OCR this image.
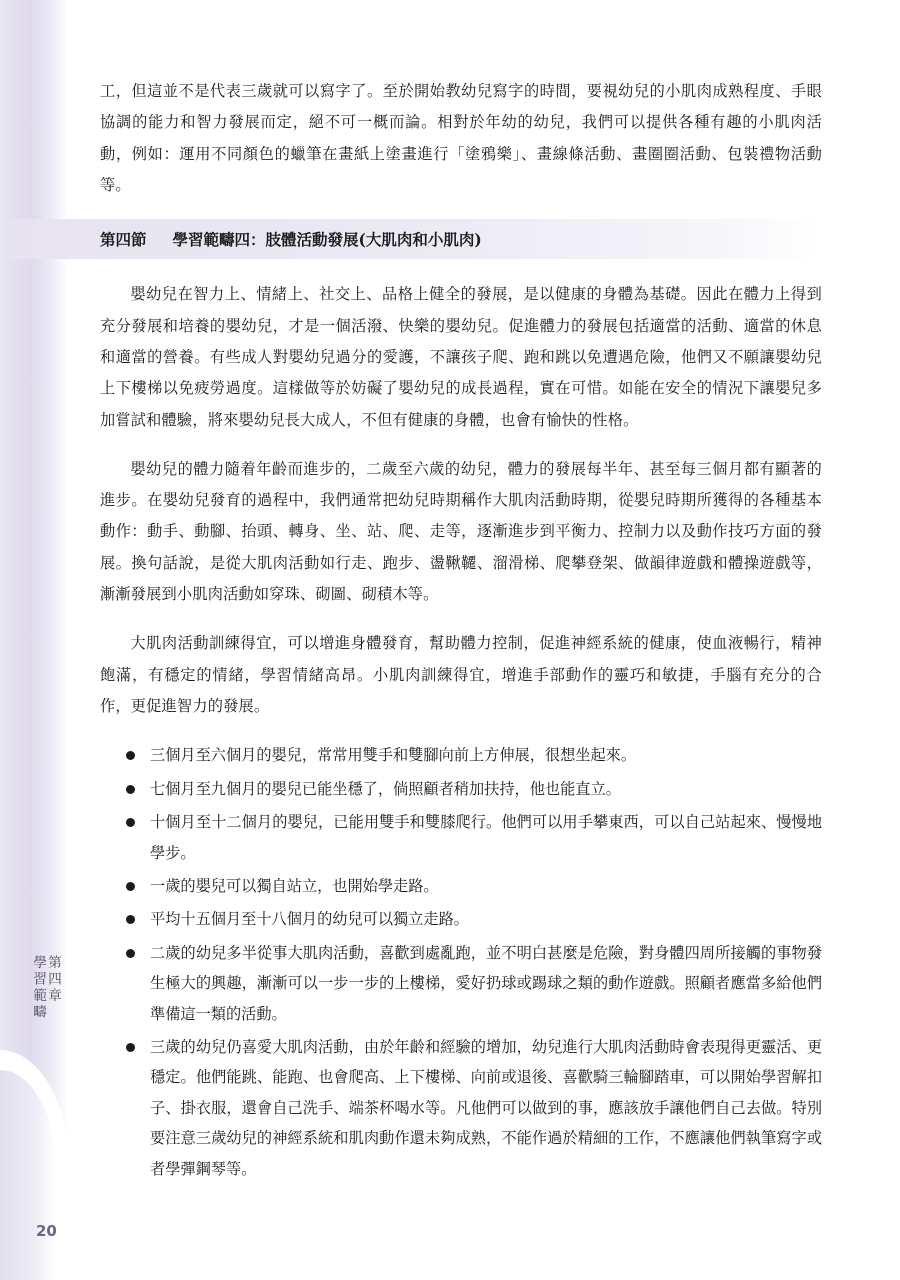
第四章
學習範疇
20

工，但這並不是代表三歲就可以寫字了。至於開始教幼兒寫字的時間，要視幼兒的小肌肉成熟程度、手眼協調的能力和智力發展而定，絕不可一概而論。相對於年幼的幼兒，我們可以提供各種有趣的小肌肉活動，例如：運用不同顏色的蠟筆在畫紙上塗畫進行「塗鴉樂」、畫線條活動、畫圈圈活動、包裝禮物活動等。

第四節 學習範疇四：肢體活動發展(大肌肉和小肌肉)

嬰幼兒在智力上、情緒上、社交上、品格上健全的發展，是以健康的身體為基礎。因此在體力上得到充分發展和培養的嬰幼兒，才是一個活潑、快樂的嬰幼兒。促進體力的發展包括適當的活動、適當的休息和適當的營養。有些成人對嬰幼兒過分的愛護，不讓孩子爬、跑和跳以免遭遇危險，他們又不願讓嬰幼兒上下樓梯以免疲勞過度。這樣做等於妨礙了嬰幼兒的成長過程，實在可惜。如能在安全的情況下讓嬰兒多加嘗試和體驗，將來嬰幼兒長大成人，不但有健康的身體，也會有愉快的性格。

嬰幼兒的體力隨着年齡而進步的，二歲至六歲的幼兒，體力的發展每半年、甚至每三個月都有顯著的進步。在嬰幼兒發育的過程中，我們通常把幼兒時期稱作大肌肉活動時期，從嬰兒時期所獲得的各種基本動作：動手、動腳、抬頭、轉身、坐、站、爬、走等，逐漸進步到平衡力、控制力以及動作技巧方面的發展。換句話說，是從大肌肉活動如行走、跑步、盪鞦韆、溜滑梯、爬攀登架、做韻律遊戲和體操遊戲等，漸漸發展到小肌肉活動如穿珠、砌圖、砌積木等。

大肌肉活動訓練得宜，可以增進身體發育，幫助體力控制，促進神經系統的健康，使血液暢行，精神飽滿，有穩定的情緒，學習情緒高昂。小肌肉訓練得宜，增進手部動作的靈巧和敏捷，手腦有充分的合作，更促進智力的發展。

三個月至六個月的嬰兒，常常用雙手和雙腳向前上方伸展，很想坐起來。
七個月至九個月的嬰兒已能坐穩了，倘照顧者稍加扶持，他也能直立。
十個月至十二個月的嬰兒，已能用雙手和雙膝爬行。他們可以用手攀東西，可以自己站起來、慢慢地學步。
一歲的嬰兒可以獨自站立，也開始學走路。
平均十五個月至十八個月的幼兒可以獨立走路。
二歲的幼兒多半從事大肌肉活動，喜歡到處亂跑，並不明白甚麼是危險，對身體四周所接觸的事物發生極大的興趣，漸漸可以一步一步的上樓梯，愛好扔球或踢球之類的動作遊戲。照顧者應當多給他們準備這一類的活動。
三歲的幼兒仍喜愛大肌肉活動，由於年齡和經驗的增加，幼兒進行大肌肉活動時會表現得更靈活、更穩定。他們能跳、能跑、也會爬高、上下樓梯、向前或退後、喜歡騎三輪腳踏車，可以開始學習解扣子、掛衣服，還會自己洗手、端茶杯喝水等。凡他們可以做到的事，應該放手讓他們自己去做。特別要注意三歲幼兒的神經系統和肌肉動作還未夠成熟，不能作過於精細的工作，不應讓他們執筆寫字或者學彈鋼琴等。
